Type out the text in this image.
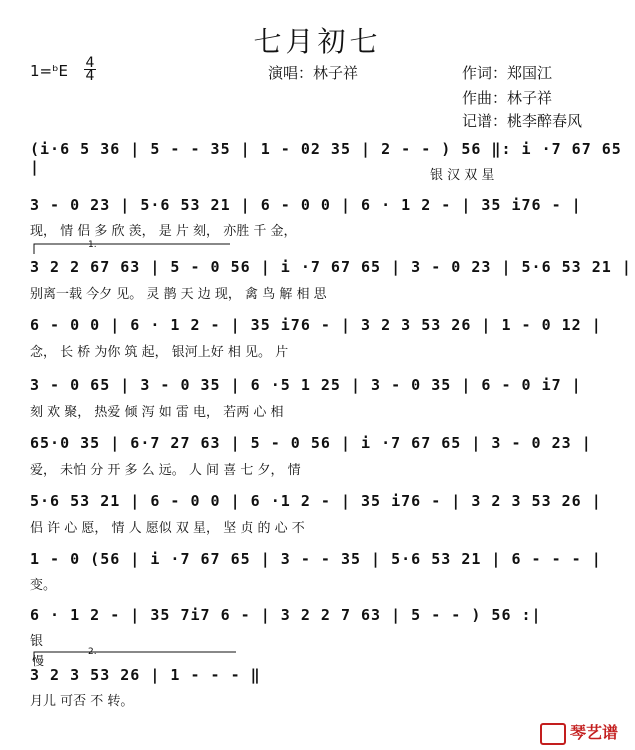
七月初七
1=ᵇE 4
4	演唱：林子祥	作词：郑国江
作曲：林子祥
记谱：桃李醉春风
(i·6 5 36 | 5 - - 35 | 1 - 02 35 | 2 - - ) 56 ‖: i ·7 67 65 |	银 汉 双 星
3 - 0 23 | 5·6 53 21 | 6 - 0 0 | 6 · 1 2 - | 35 i76 - |
现， 情 侣 多 欣 羡， 是 片 刻， 亦胜 千 金，
3 2 2 67 63 | 5 - 0 56 | i ·7 67 65 | 3 - 0 23 | 5·6 53 21 |
别离一载 今夕 见。 灵 鹊 天 边 现， 禽 鸟 解 相 思
6 - 0 0 | 6 · 1 2 - | 35 i76 - | 3 2 3 53 26 | 1 - 0 12 |
念， 长 桥 为你 筑 起， 银河上好 相 见。 片
3 - 0 65 | 3 - 0 35 | 6 ·5 1 25 | 3 - 0 35 | 6 - 0 i7 |
刻 欢 聚， 热爱 倾 泻 如 雷 电， 若两 心 相
65·0 35 | 6·7 27 63 | 5 - 0 56 | i ·7 67 65 | 3 - 0 23 |
爱， 未怕 分 开 多 么 远。 人 间 喜 七 夕， 情
5·6 53 21 | 6 - 0 0 | 6 ·1 2 - | 35 i76 - | 3 2 3 53 26 |
侣 许 心 愿， 情 人 愿似 双 星， 坚 贞 的 心 不
1 - 0 (56 | i ·7 67 65 | 3 - - 35 | 5·6 53 21 | 6 - - - |
变。
6 · 1 2 - | 35 7i7 6 - | 3 2 2 7 63 | 5 - - ) 56 :|
银
慢
3 2 3 53 26 | 1 - - - ‖
月儿 可否 不 转。
1.
2.
琴艺谱
